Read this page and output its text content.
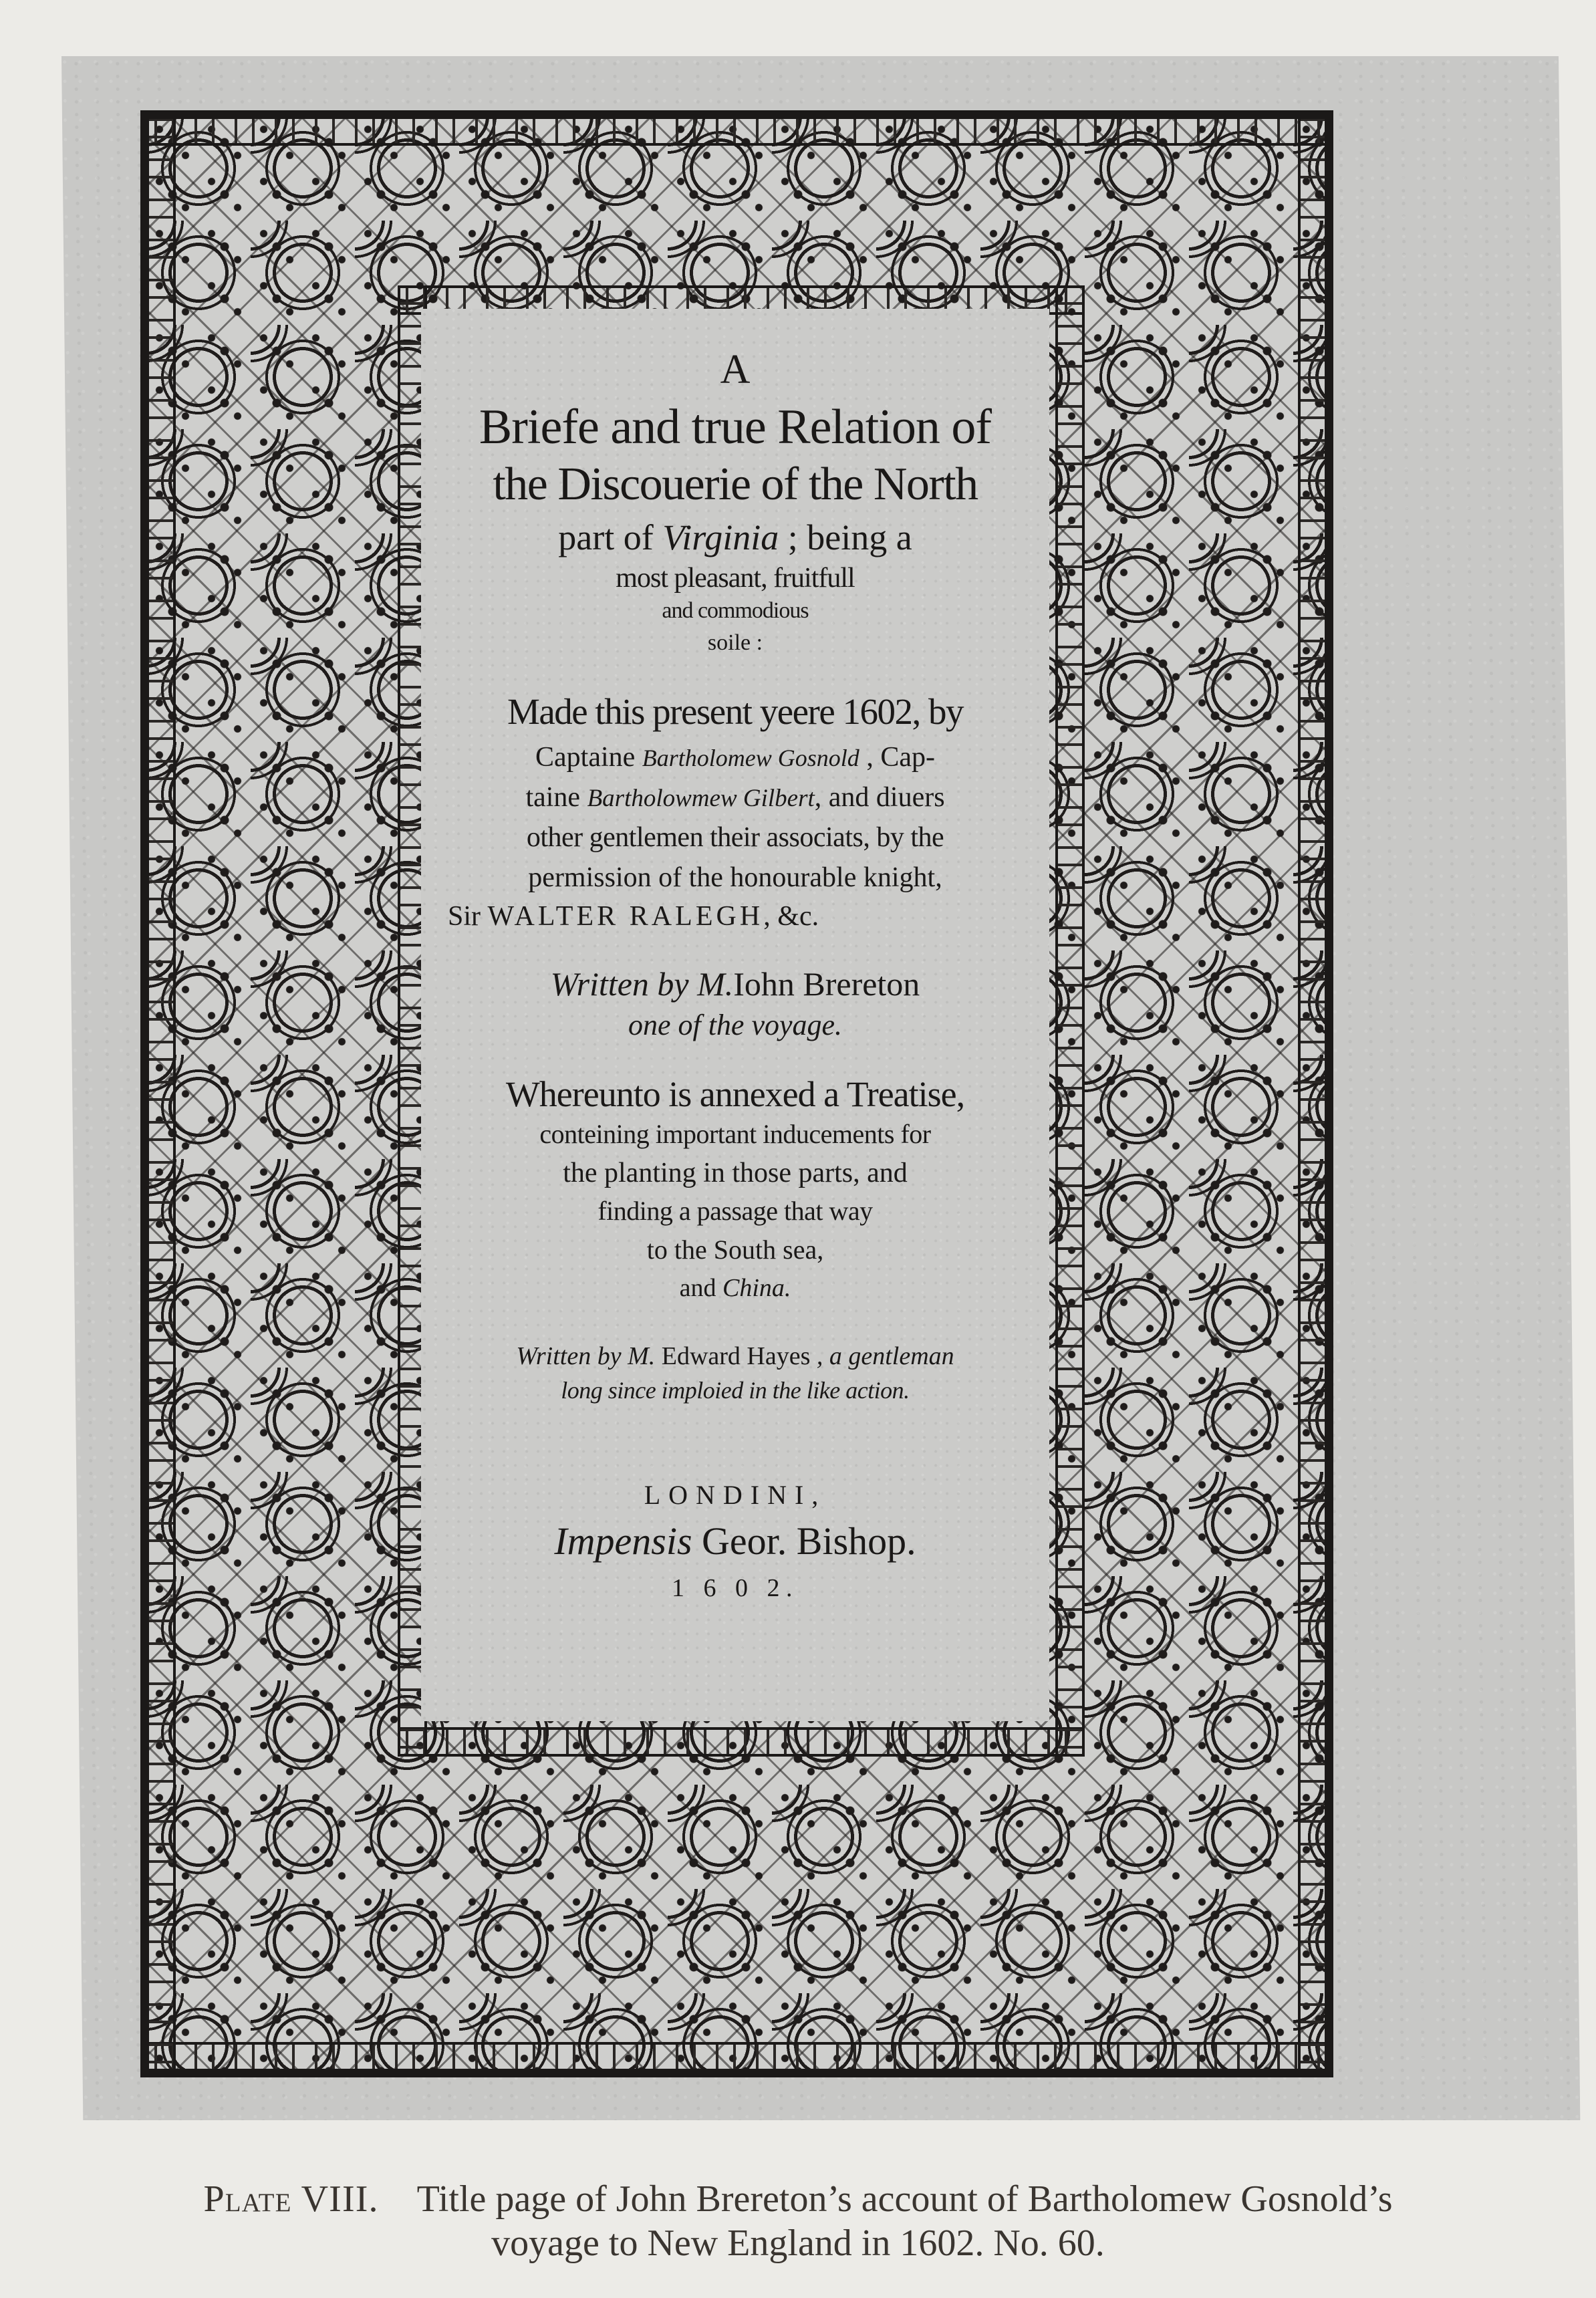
A
Briefe and true Relation of
the Discouerie of the North
part of Virginia ; being a
most pleasant, fruitfull
and commodious
soile :
Made this present yeere 1602, by
Captaine Bartholomew Gosnold , Cap-
taine Bartholowmew Gilbert, and diuers
other gentlemen their associats, by the
permission of the honourable knight,
Sir WALTER RALEGH, &c.
Written by M.Iohn Brereton
one of the voyage.
Whereunto is annexed a Treatise,
conteining important inducements for
the planting in those parts, and
finding a passage that way
to the South sea,
and China.
Written by M. Edward Hayes , a gentleman
long since imploied in the like action.
LONDINI,
Impensis Geor. Bishop.
1 6 0 2.
Plate VIII. Title page of John Brereton’s account of Bartholomew Gosnold’s
voyage to New England in 1602. No. 60.
